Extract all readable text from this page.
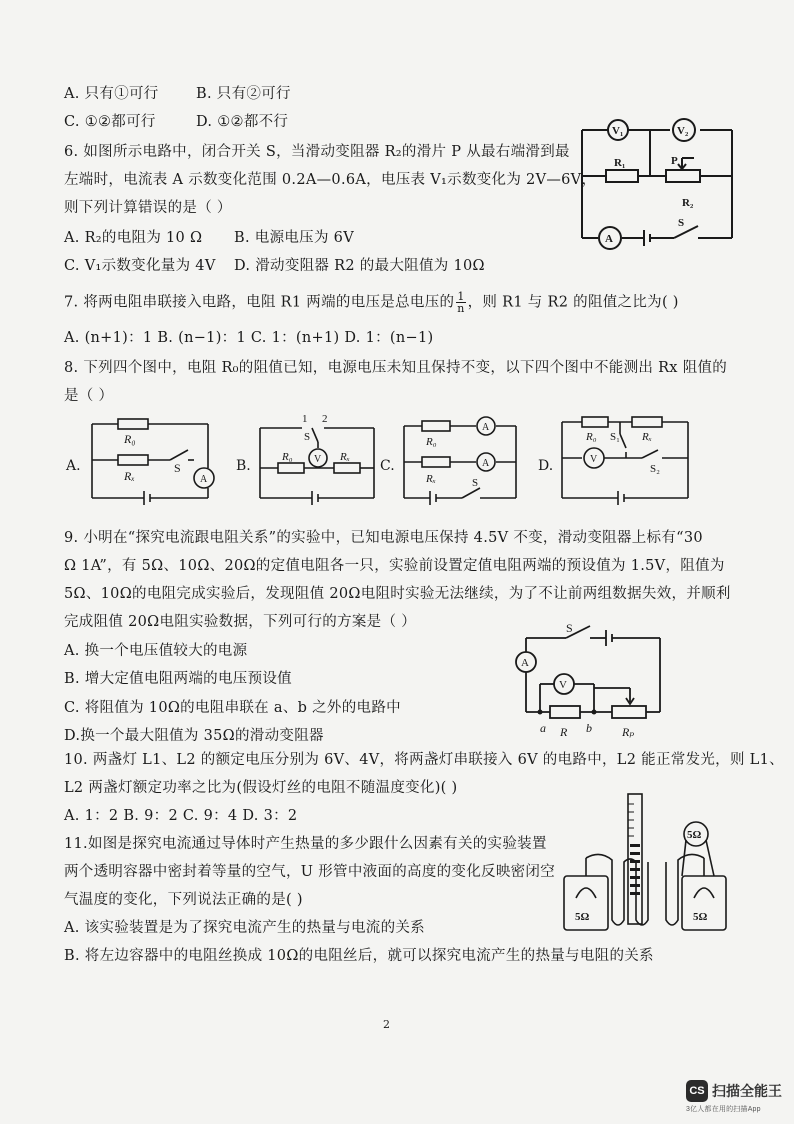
A. 只有①可行	B. 只有②可行
C. ①②都可行	D. ①②都不行
6. 如图所示电路中，闭合开关 S，当滑动变阻器 R₂的滑片 P 从最右端滑到最
左端时，电流表 A 示数变化范围 0.2A—0.6A，电压表 V₁示数变化为 2V—6V，
则下列计算错误的是（ ）
A. R₂的电阻为 10 Ω B. 电源电压为 6V
C. V₁示数变化量为 4V D. 滑动变阻器 R2 的最大阻值为 10Ω
V₁	V₂
R₁	P
R₂
A
S
7. 将两电阻串联接入电路，电阻 R1 两端的电压是总电压的 $\frac{1}{n}$ ，则 R1 与 R2 的阻值之比为( )
A. (n+1)：1 B. (n−1)：1 C. 1：(n+1) D. 1：(n−1)
8. 下列四个图中，电阻 R₀的阻值已知，电源电压未知且保持不变，以下四个图中不能测出 Rx 阻值的
是（ ）
A.
R₀
Rₓ
S
A
B.
1 2
S
R₀ V Rₓ
C.
R₀
A
Rₓ
A
S
D.
R₀ S₁ Rₓ
V
S₂
9. 小明在“探究电流跟电阻关系”的实验中，已知电源电压保持 4.5V 不变，滑动变阻器上标有“30
Ω 1A”，有 5Ω、10Ω、20Ω的定值电阻各一只，实验前设置定值电阻两端的预设值为 1.5V，阻值为
5Ω、10Ω的电阻完成实验后，发现阻值 20Ω电阻时实验无法继续，为了不让前两组数据失效，并顺利
完成阻值 20Ω电阻实验数据，下列可行的方案是（ ）
A. 换一个电压值较大的电源
B. 增大定值电阻两端的电压预设值
C. 将阻值为 10Ω的电阻串联在 a、b 之外的电路中
D.换一个最大阻值为 35Ω的滑动变阻器
S
A
V
a R b	Rₚ
10. 两盏灯 L1、L2 的额定电压分别为 6V、4V，将两盏灯串联接入 6V 的电路中，L2 能正常发光，则 L1、
L2 两盏灯额定功率之比为(假设灯丝的电阻不随温度变化)( )
A. 1：2 B. 9：2 C. 9：4 D. 3：2
11.如图是探究电流通过导体时产生热量的多少跟什么因素有关的实验装置
两个透明容器中密封着等量的空气，U 形管中液面的高度的变化反映密闭空
气温度的变化，下列说法正确的是( )
A. 该实验装置是为了探究电流产生的热量与电流的关系
B. 将左边容器中的电阻丝换成 10Ω的电阻丝后，就可以探究电流产生的热量与电阻的关系
5Ω
5Ω	5Ω
2
CS 扫描全能王
3亿人都在用的扫描App
